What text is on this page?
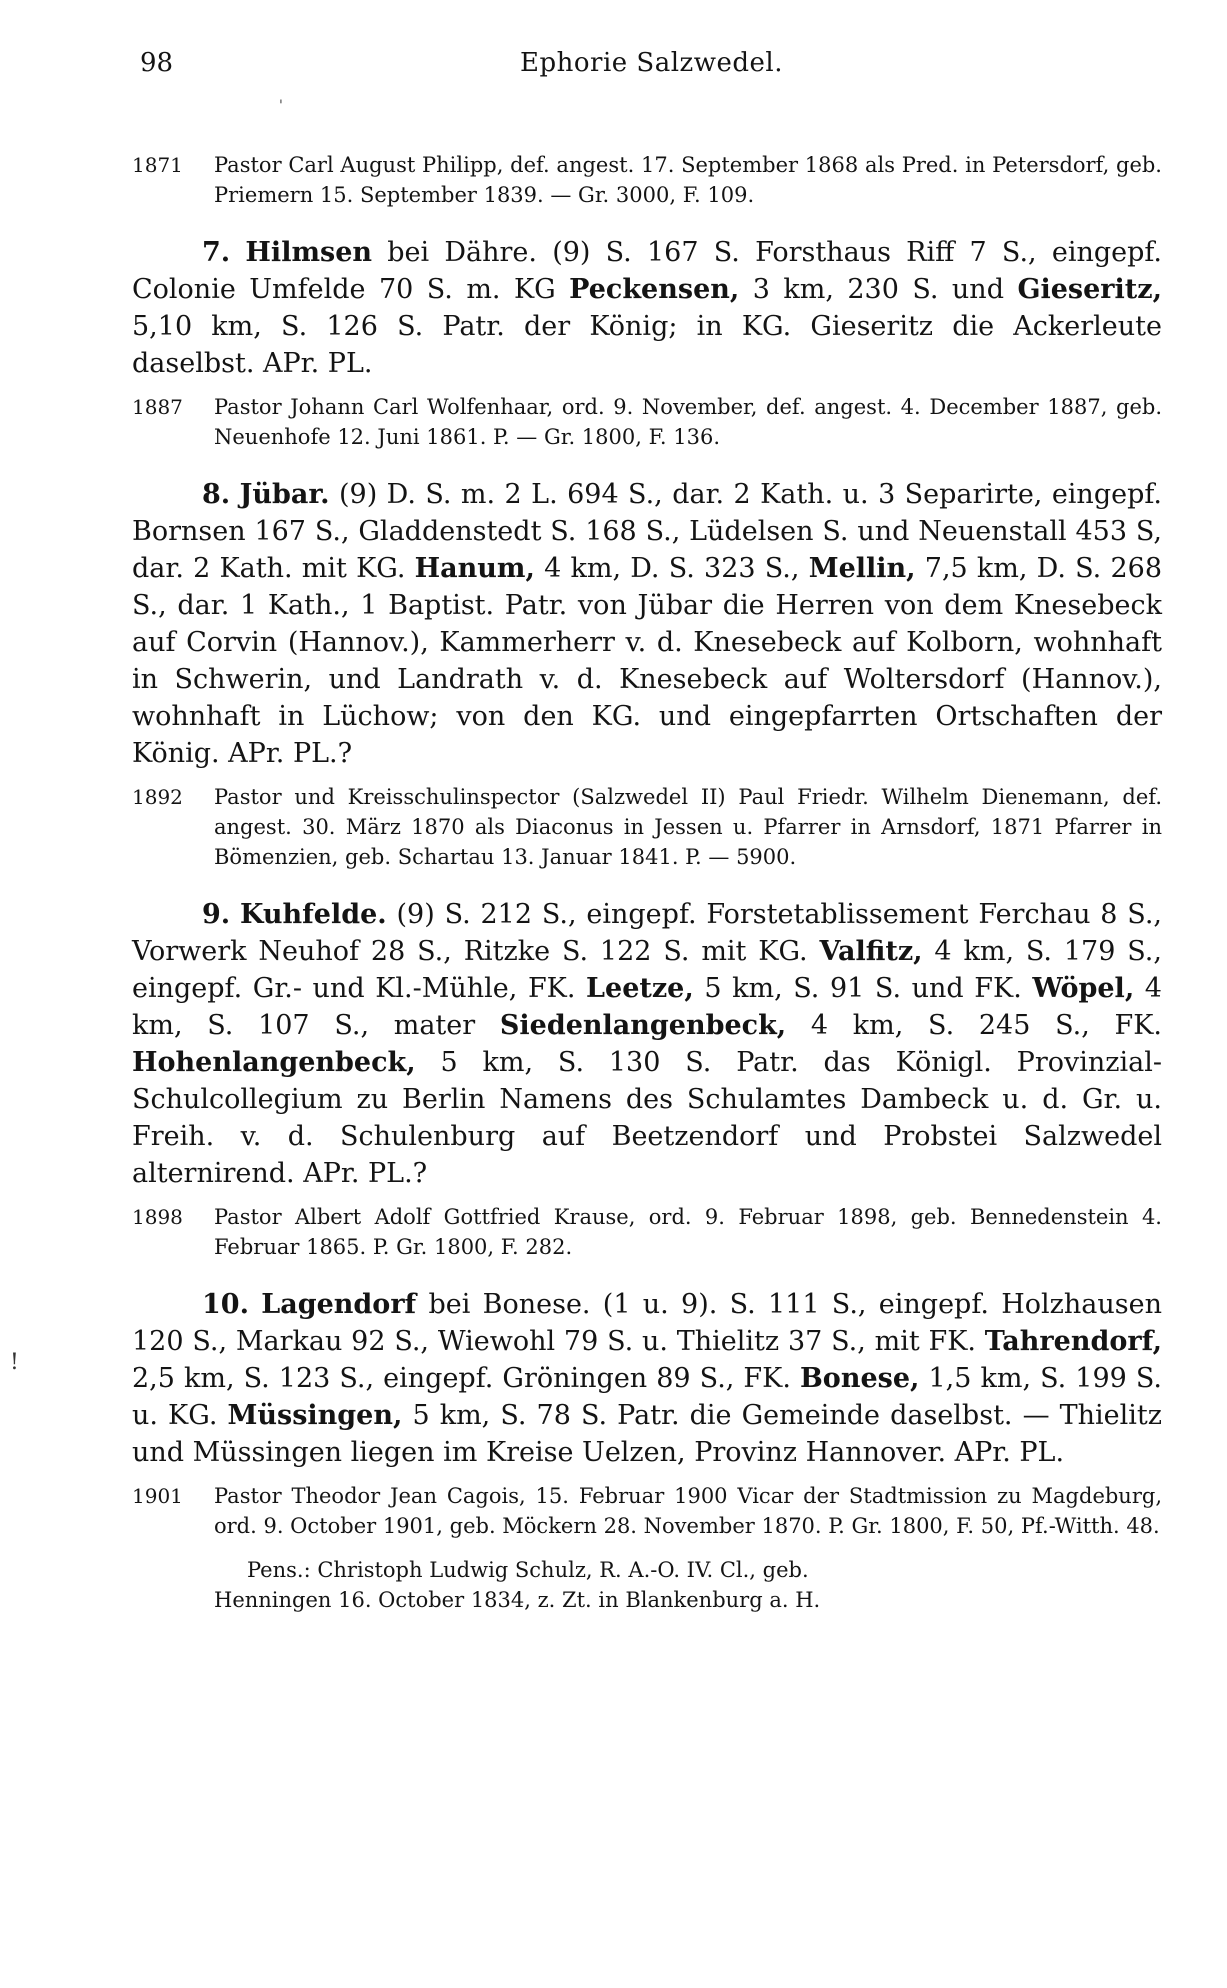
98	Ephorie Salzwedel.
'
!
1871	Pastor Carl August Philipp, def. angest. 17. September 1868 als Pred. in Petersdorf, geb. Priemern 15. September 1839. — Gr. 3000, F. 109.
7. Hilmsen bei Dähre. (9) S. 167 S. Forsthaus Riff 7 S., eingepf. Colonie Umfelde 70 S. m. KG Peckensen, 3 km, 230 S. und Gieseritz, 5,10 km, S. 126 S. Patr. der König; in KG. Gieseritz die Ackerleute daselbst. APr. PL.
1887	Pastor Johann Carl Wolfenhaar, ord. 9. November, def. angest. 4. December 1887, geb. Neuenhofe 12. Juni 1861. P. — Gr. 1800, F. 136.
8. Jübar. (9) D. S. m. 2 L. 694 S., dar. 2 Kath. u. 3 Separirte, eingepf. Bornsen 167 S., Gladdenstedt S. 168 S., Lüdelsen S. und Neuenstall 453 S, dar. 2 Kath. mit KG. Hanum, 4 km, D. S. 323 S., Mellin, 7,5 km, D. S. 268 S., dar. 1 Kath., 1 Baptist. Patr. von Jübar die Herren von dem Knesebeck auf Corvin (Hannov.), Kammerherr v. d. Knesebeck auf Kolborn, wohnhaft in Schwerin, und Landrath v. d. Knesebeck auf Woltersdorf (Hannov.), wohnhaft in Lüchow; von den KG. und eingepfarrten Ortschaften der König. APr. PL.?
1892	Pastor und Kreisschulinspector (Salzwedel II) Paul Friedr. Wilhelm Dienemann, def. angest. 30. März 1870 als Diaconus in Jessen u. Pfarrer in Arnsdorf, 1871 Pfarrer in Bömenzien, geb. Schartau 13. Januar 1841. P. — 5900.
9. Kuhfelde. (9) S. 212 S., eingepf. Forstetablissement Ferchau 8 S., Vorwerk Neuhof 28 S., Ritzke S. 122 S. mit KG. Valfitz, 4 km, S. 179 S., eingepf. Gr.- und Kl.-Mühle, FK. Leetze, 5 km, S. 91 S. und FK. Wöpel, 4 km, S. 107 S., mater Siedenlangenbeck, 4 km, S. 245 S., FK. Hohenlangenbeck, 5 km, S. 130 S. Patr. das Königl. Provinzial-Schulcollegium zu Berlin Namens des Schulamtes Dambeck u. d. Gr. u. Freih. v. d. Schulenburg auf Beetzendorf und Probstei Salzwedel alternirend. APr. PL.?
1898	Pastor Albert Adolf Gottfried Krause, ord. 9. Februar 1898, geb. Bennedenstein 4. Februar 1865. P. Gr. 1800, F. 282.
10. Lagendorf bei Bonese. (1 u. 9). S. 111 S., eingepf. Holzhausen 120 S., Markau 92 S., Wiewohl 79 S. u. Thielitz 37 S., mit FK. Tahrendorf, 2,5 km, S. 123 S., eingepf. Gröningen 89 S., FK. Bonese, 1,5 km, S. 199 S. u. KG. Müssingen, 5 km, S. 78 S. Patr. die Gemeinde daselbst. — Thielitz und Müssingen liegen im Kreise Uelzen, Provinz Hannover. APr. PL.
1901	Pastor Theodor Jean Cagois, 15. Februar 1900 Vicar der Stadtmission zu Magdeburg, ord. 9. October 1901, geb. Möckern 28. November 1870. P. Gr. 1800, F. 50, Pf.-Witth. 48.
Pens.: Christoph Ludwig Schulz, R. A.-O. IV. Cl., geb.
Henningen 16. October 1834, z. Zt. in Blankenburg a. H.
